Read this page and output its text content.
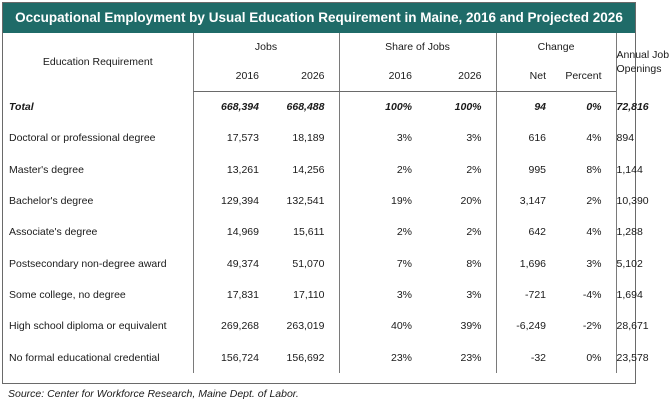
Occupational Employment by Usual Education Requirement in Maine, 2016 and Projected 2026
Education Requirement	Jobs		Share of Jobs		Change		Annual Job
Openings
	2016	2026	2016	2026	Net	Percent	
Total	668,394	668,488	100%	100%	94	0%	72,816
Doctoral or professional degree	17,573	18,189	3%	3%	616	4%	894
Master's degree	13,261	14,256	2%	2%	995	8%	1,144
Bachelor's degree	129,394	132,541	19%	20%	3,147	2%	10,390
Associate's degree	14,969	15,611	2%	2%	642	4%	1,288
Postsecondary non-degree award	49,374	51,070	7%	8%	1,696	3%	5,102
Some college, no degree	17,831	17,110	3%	3%	-721	-4%	1,694
High school diploma or equivalent	269,268	263,019	40%	39%	-6,249	-2%	28,671
No formal educational credential	156,724	156,692	23%	23%	-32	0%	23,578
Source: Center for Workforce Research, Maine Dept. of Labor.
